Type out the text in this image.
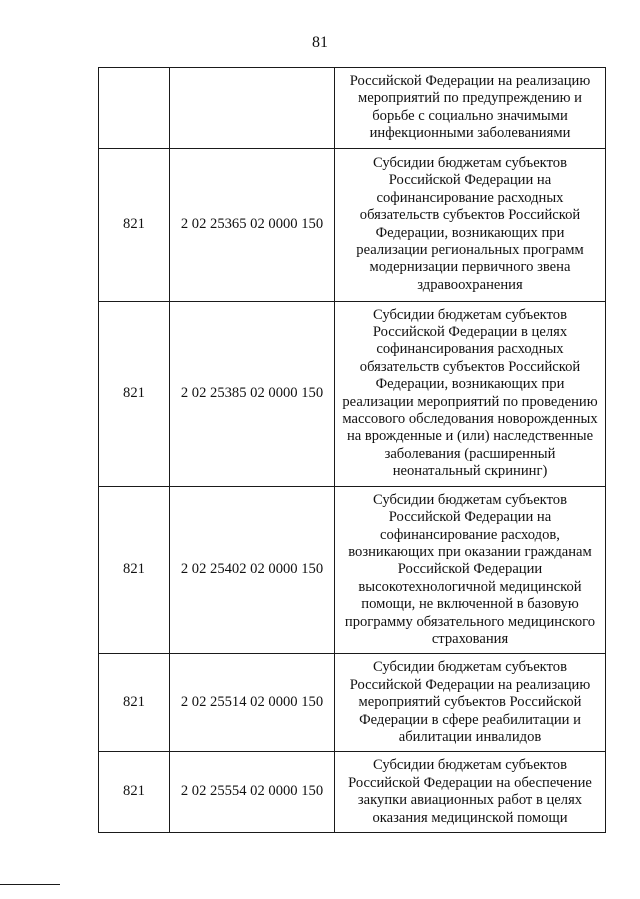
81
		Российской Федерации на реализацию мероприятий по предупреждению и борьбе с социально значимыми инфекционными заболеваниями
821	2 02 25365 02 0000 150	Субсидии бюджетам субъектов Российской Федерации на софинансирование расходных обязательств субъектов Российской Федерации, возникающих при реализации региональных программ модернизации первичного звена здравоохранения
821	2 02 25385 02 0000 150	Субсидии бюджетам субъектов Российской Федерации в целях софинансирования расходных обязательств субъектов Российской Федерации, возникающих при реализации мероприятий по проведению массового обследования новорожденных на врожденные и (или) наследственные заболевания (расширенный неонатальный скрининг)
821	2 02 25402 02 0000 150	Субсидии бюджетам субъектов Российской Федерации на софинансирование расходов, возникающих при оказании гражданам Российской Федерации высокотехнологичной медицинской помощи, не включенной в базовую программу обязательного медицинского страхования
821	2 02 25514 02 0000 150	Субсидии бюджетам субъектов Российской Федерации на реализацию мероприятий субъектов Российской Федерации в сфере реабилитации и абилитации инвалидов
821	2 02 25554 02 0000 150	Субсидии бюджетам субъектов Российской Федерации на обеспечение закупки авиационных работ в целях оказания медицинской помощи
